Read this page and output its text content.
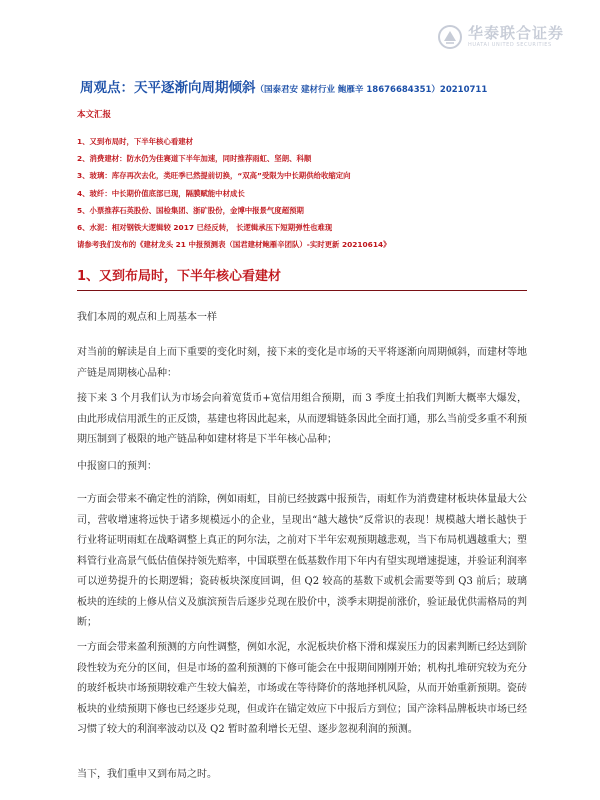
华泰联合证券
HUATAI UNITED SECURITIES
周观点：天平逐渐向周期倾斜（国泰君安 建材行业 鲍雁辛 18676684351）20210711
本文汇报
1、又到布局时，下半年核心看建材
2、消费建材：防水仍为佳赛道下半年加速，同时推荐雨虹、坚朗、科顺
3、玻璃：库存再次去化，类旺季已然提前切换，“双高”受限为中长期供给收缩定向
4、玻纤：中长期价值底部已现，隔膜赋能中材成长
5、小票推荐石英股份、国检集团、浙矿股份，金博中报景气度超预期
6、水泥：相对钢铁大逻辑较 2017 已经反转， 长逻辑承压下短期弹性也难现
请参考我们发布的《建材龙头 21 中报预测表（国君建材鲍雁辛团队）-实时更新 20210614》
1、又到布局时，下半年核心看建材
我们本周的观点和上周基本一样
对当前的解读是自上而下重要的变化时刻，接下来的变化是市场的天平将逐渐向周期倾斜，而建材等地产链是周期核心品种：
接下来 3 个月我们认为市场会向着宽货币+宽信用组合预期，而 3 季度土拍我们判断大概率大爆发，由此形成信用派生的正反馈，基建也将因此起来，从而逻辑链条因此全面打通，那么当前受多重不利预期压制到了极限的地产链品种如建材将是下半年核心品种；
中报窗口的预判：
一方面会带来不确定性的消除，例如雨虹，目前已经披露中报预告，雨虹作为消费建材板块体量最大公司，营收增速将远快于诸多规模远小的企业，呈现出“越大越快”反常识的表现！规模越大增长越快于行业将证明雨虹在战略调整上真正的阿尔法，之前对下半年宏观预期越悲观，当下布局机遇越重大；塑料管行业高景气低估值保持领先赔率，中国联塑在低基数作用下年内有望实现增速提速，并验证利润率可以逆势提升的长期逻辑；瓷砖板块深度回调，但 Q2 较高的基数下或机会需要等到 Q3 前后；玻璃板块的连续的上修从信义及旗滨预告后逐步兑现在股价中，淡季末期提前涨价，验证最优供需格局的判断；
一方面会带来盈利预测的方向性调整，例如水泥，水泥板块价格下滑和煤炭压力的因素判断已经达到阶段性较为充分的区间，但是市场的盈利预测的下修可能会在中报期间刚刚开始；机构扎堆研究较为充分的玻纤板块市场预期较难产生较大偏差，市场或在等待降价的落地择机风险，从而开始重新预期。瓷砖板块的业绩预期下修也已经逐步兑现，但或许在锚定效应下中报后方到位；国产涂料品牌板块市场已经习惯了较大的利润率波动以及 Q2 暂时盈利增长无望、逐步忽视利润的预测。
当下，我们重申又到布局之时。
